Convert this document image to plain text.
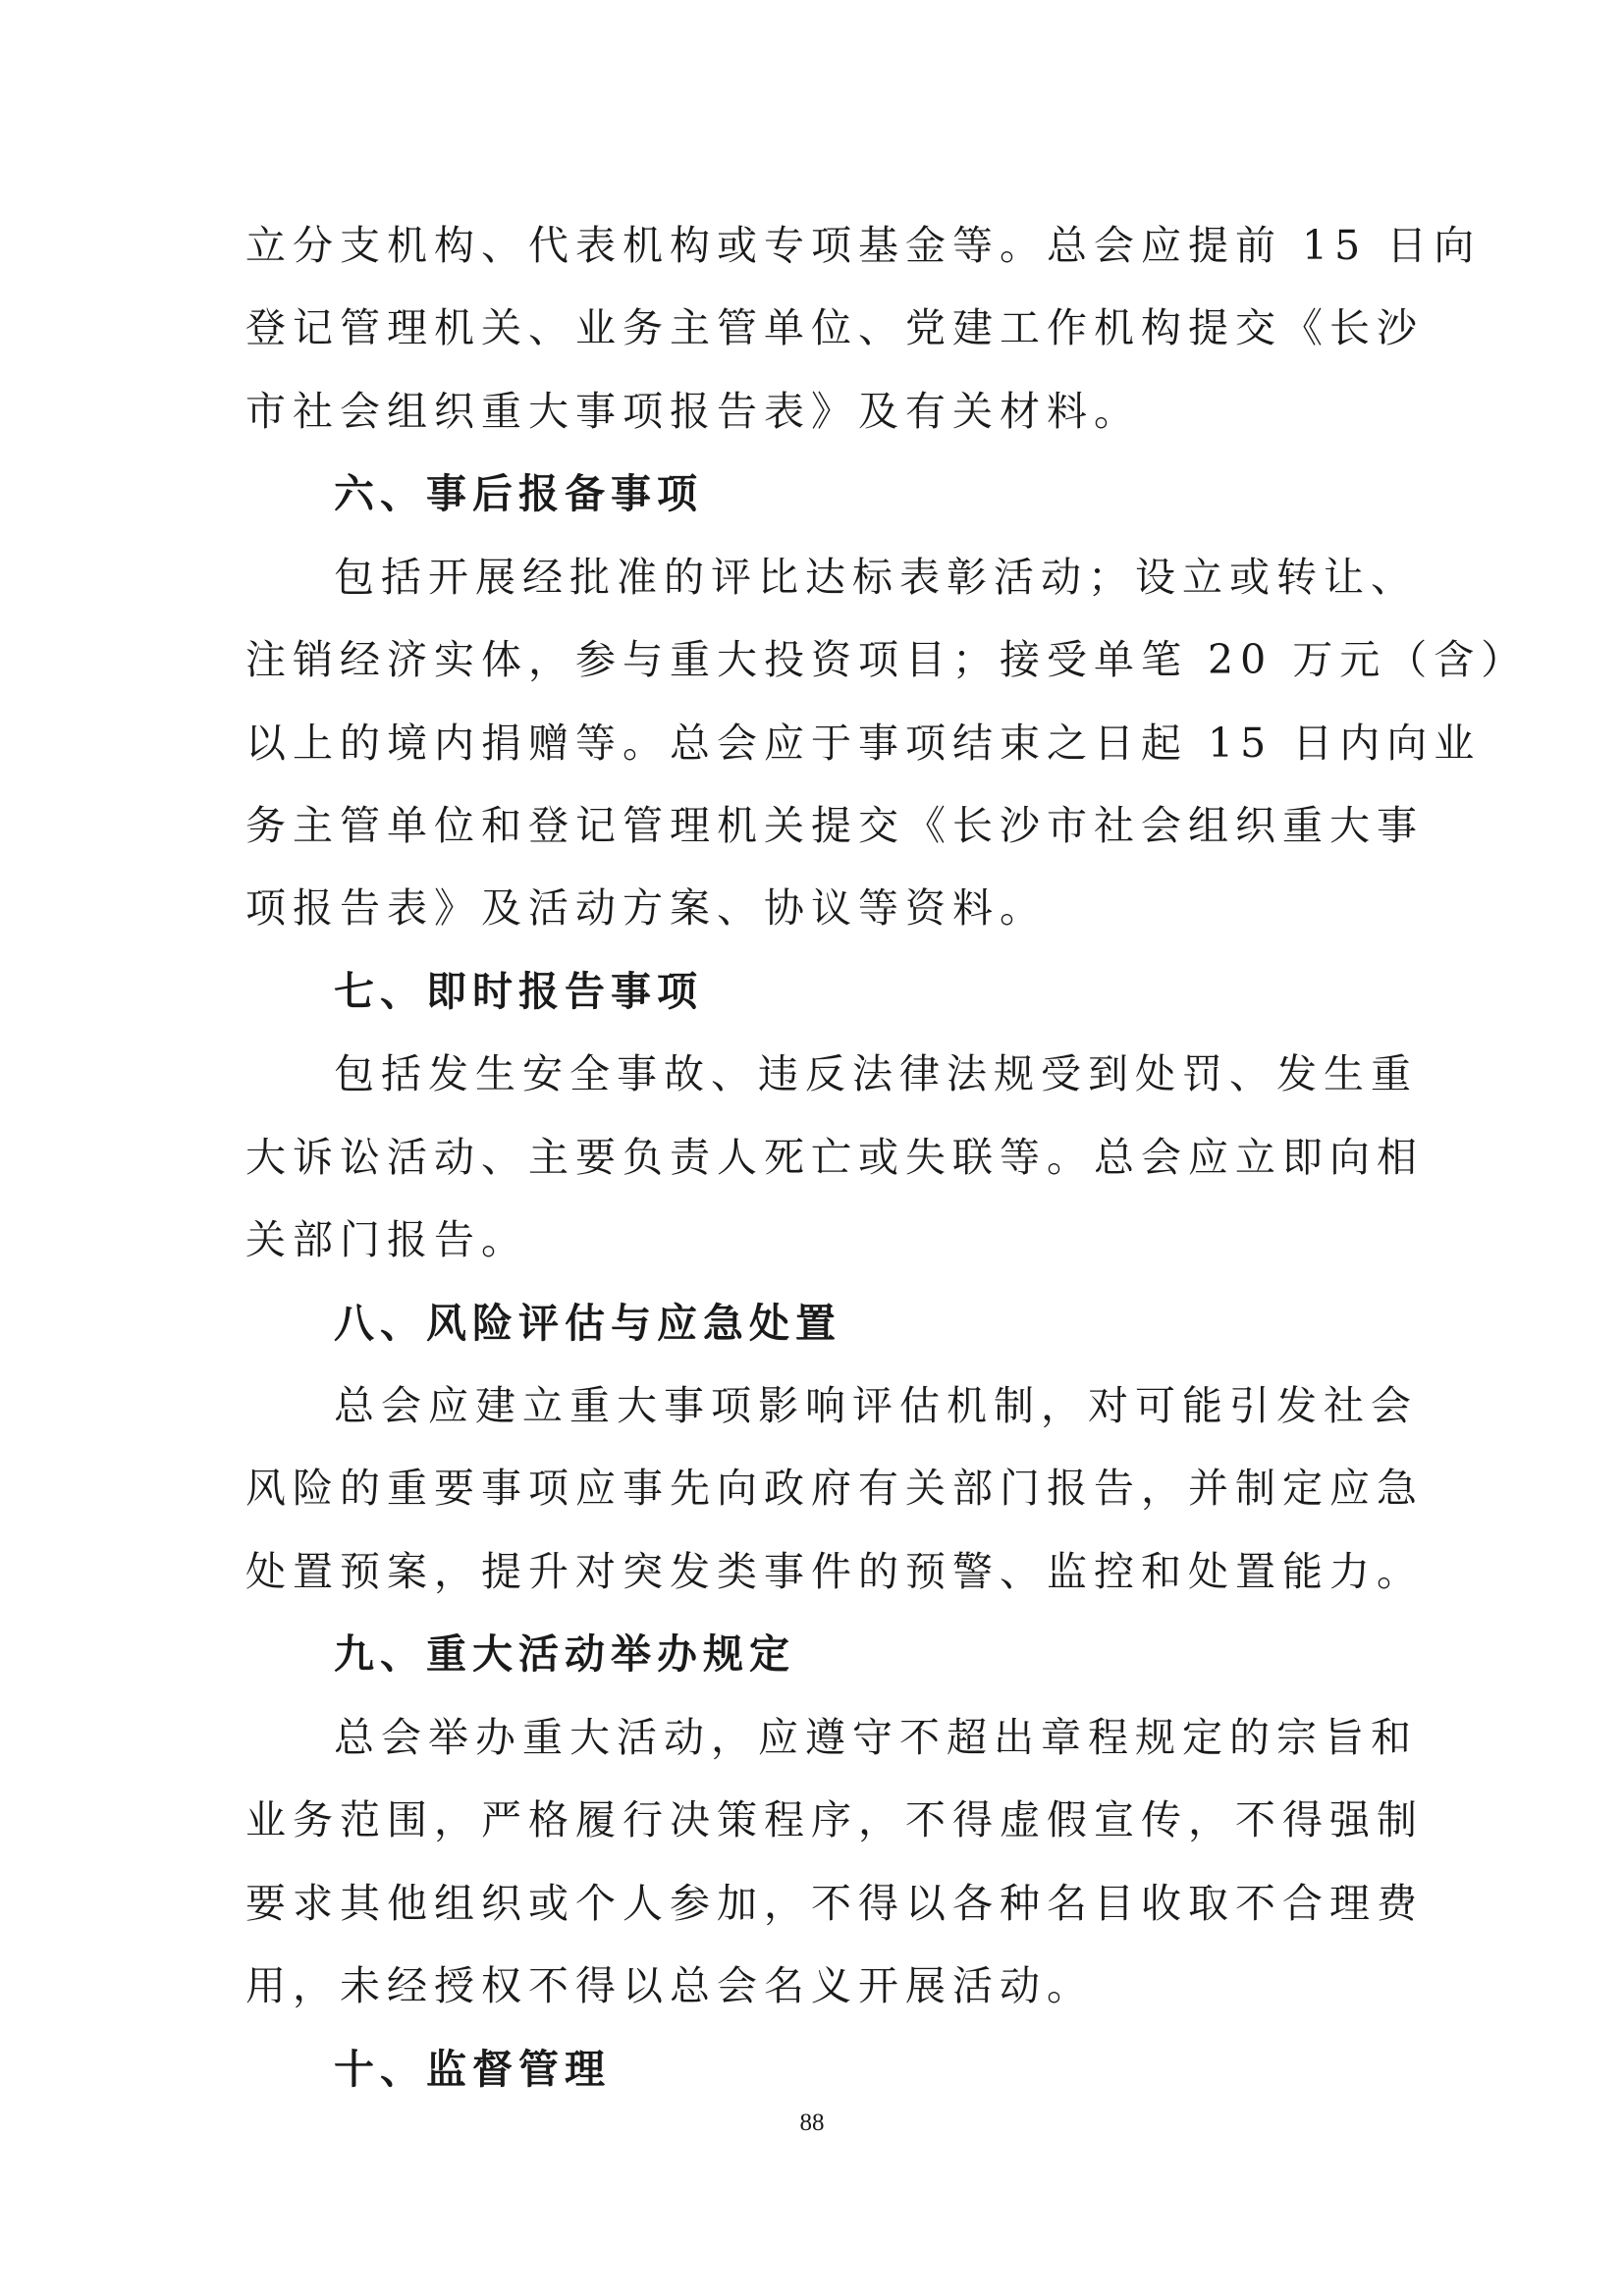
立分支机构、代表机构或专项基金等。总会应提前 15 日向
登记管理机关、业务主管单位、党建工作机构提交《长沙
市社会组织重大事项报告表》及有关材料。
六、事后报备事项
包括开展经批准的评比达标表彰活动；设立或转让、
注销经济实体，参与重大投资项目；接受单笔 20 万元（含）
以上的境内捐赠等。总会应于事项结束之日起 15 日内向业
务主管单位和登记管理机关提交《长沙市社会组织重大事
项报告表》及活动方案、协议等资料。
七、即时报告事项
包括发生安全事故、违反法律法规受到处罚、发生重
大诉讼活动、主要负责人死亡或失联等。总会应立即向相
关部门报告。
八、风险评估与应急处置
总会应建立重大事项影响评估机制，对可能引发社会
风险的重要事项应事先向政府有关部门报告，并制定应急
处置预案，提升对突发类事件的预警、监控和处置能力。
九、重大活动举办规定
总会举办重大活动，应遵守不超出章程规定的宗旨和
业务范围，严格履行决策程序，不得虚假宣传，不得强制
要求其他组织或个人参加，不得以各种名目收取不合理费
用，未经授权不得以总会名义开展活动。
十、监督管理
88
